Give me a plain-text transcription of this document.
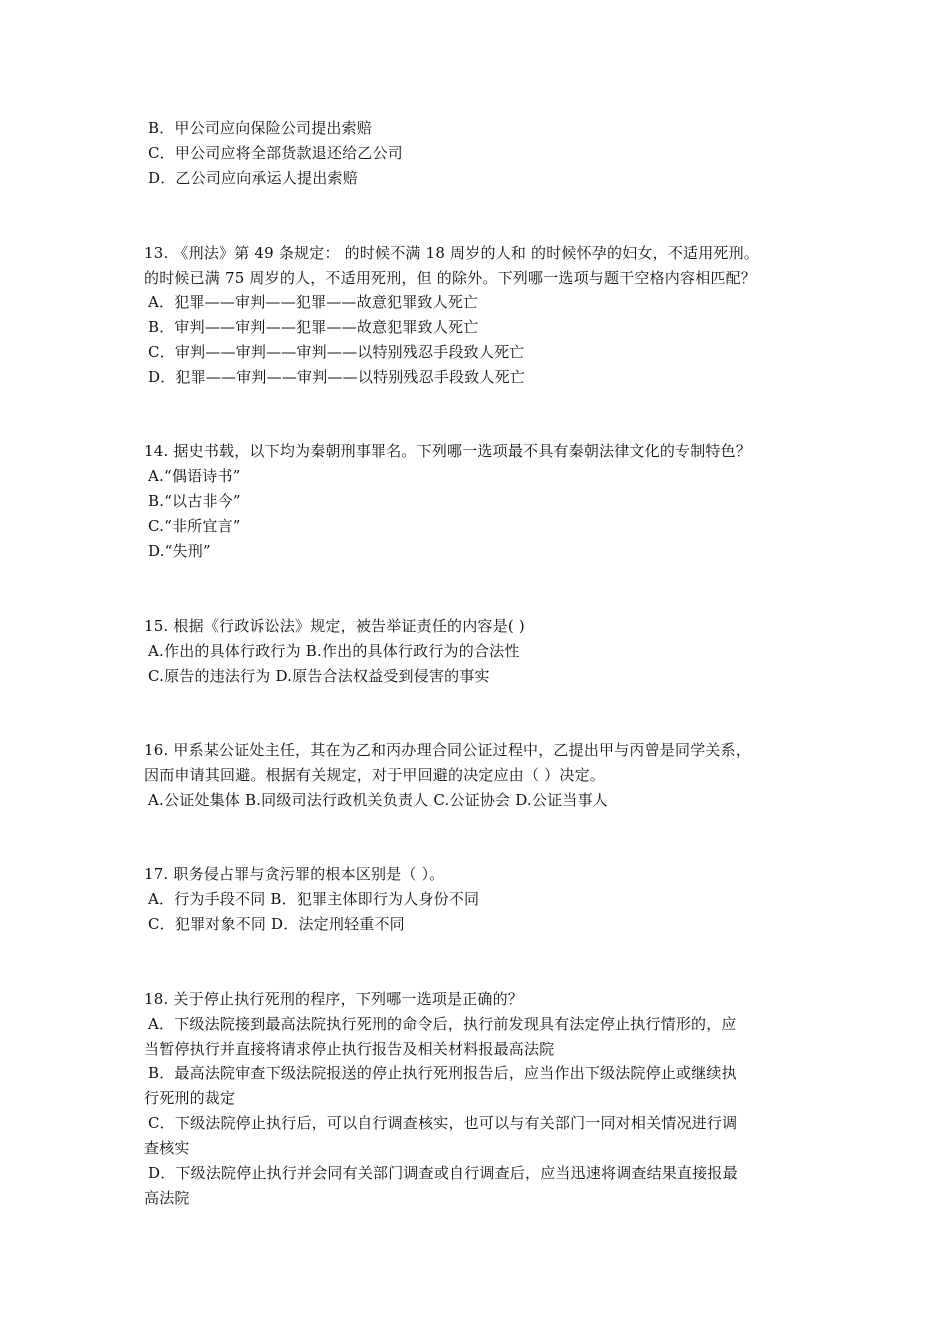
B．甲公司应向保险公司提出索赔
C．甲公司应将全部货款退还给乙公司
D．乙公司应向承运人提出索赔
13. 《刑法》第 49 条规定： 的时候不满 18 周岁的人和 的时候怀孕的妇女，不适用死刑。
的时候已满 75 周岁的人，不适用死刑，但 的除外。下列哪一选项与题干空格内容相匹配？
A．犯罪——审判——犯罪——故意犯罪致人死亡
B．审判——审判——犯罪——故意犯罪致人死亡
C．审判——审判——审判——以特别残忍手段致人死亡
D．犯罪——审判——审判——以特别残忍手段致人死亡
14. 据史书载，以下均为秦朝刑事罪名。下列哪一选项最不具有秦朝法律文化的专制特色？
A.“偶语诗书”
B.“以古非今”
C.“非所宜言”
D.“失刑”
15. 根据《行政诉讼法》规定，被告举证责任的内容是( )
A.作出的具体行政行为 B.作出的具体行政行为的合法性
C.原告的违法行为 D.原告合法权益受到侵害的事实
16. 甲系某公证处主任，其在为乙和丙办理合同公证过程中，乙提出甲与丙曾是同学关系，
因而申请其回避。根据有关规定，对于甲回避的决定应由（ ）决定。
A.公证处集体 B.同级司法行政机关负责人 C.公证协会 D.公证当事人
17. 职务侵占罪与贪污罪的根本区别是（ ）。
A．行为手段不同 B．犯罪主体即行为人身份不同
C．犯罪对象不同 D．法定刑轻重不同
18. 关于停止执行死刑的程序，下列哪一选项是正确的？
A．下级法院接到最高法院执行死刑的命令后，执行前发现具有法定停止执行情形的，应
当暂停执行并直接将请求停止执行报告及相关材料报最高法院
B．最高法院审查下级法院报送的停止执行死刑报告后，应当作出下级法院停止或继续执
行死刑的裁定
C．下级法院停止执行后，可以自行调查核实，也可以与有关部门一同对相关情况进行调
查核实
D．下级法院停止执行并会同有关部门调查或自行调查后，应当迅速将调查结果直接报最
高法院
